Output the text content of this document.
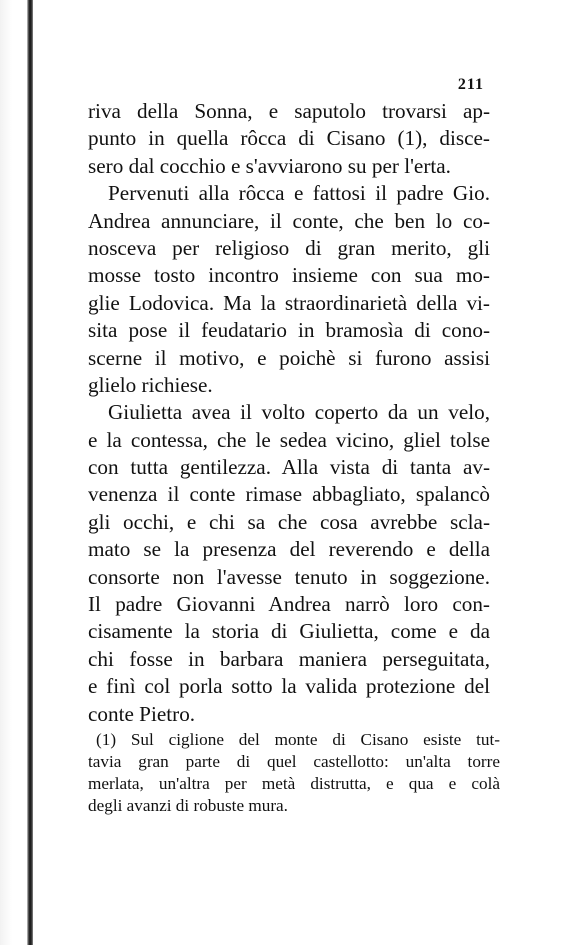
211
riva della Sonna, e saputolo trovarsi ap-
punto in quella rôcca di Cisano (1), disce-
sero dal cocchio e s'avviarono su per l'erta.
Pervenuti alla rôcca e fattosi il padre Gio.
Andrea annunciare, il conte, che ben lo co-
nosceva per religioso di gran merito, gli
mosse tosto incontro insieme con sua mo-
glie Lodovica. Ma la straordinarietà della vi-
sita pose il feudatario in bramosìa di cono-
scerne il motivo, e poichè si furono assisi
glielo richiese.
Giulietta avea il volto coperto da un velo,
e la contessa, che le sedea vicino, gliel tolse
con tutta gentilezza. Alla vista di tanta av-
venenza il conte rimase abbagliato, spalancò
gli occhi, e chi sa che cosa avrebbe scla-
mato se la presenza del reverendo e della
consorte non l'avesse tenuto in soggezione.
Il padre Giovanni Andrea narrò loro con-
cisamente la storia di Giulietta, come e da
chi fosse in barbara maniera perseguitata,
e finì col porla sotto la valida protezione del
conte Pietro.
(1) Sul ciglione del monte di Cisano esiste tut-
tavia gran parte di quel castellotto: un'alta torre
merlata, un'altra per metà distrutta, e qua e colà
degli avanzi di robuste mura.
